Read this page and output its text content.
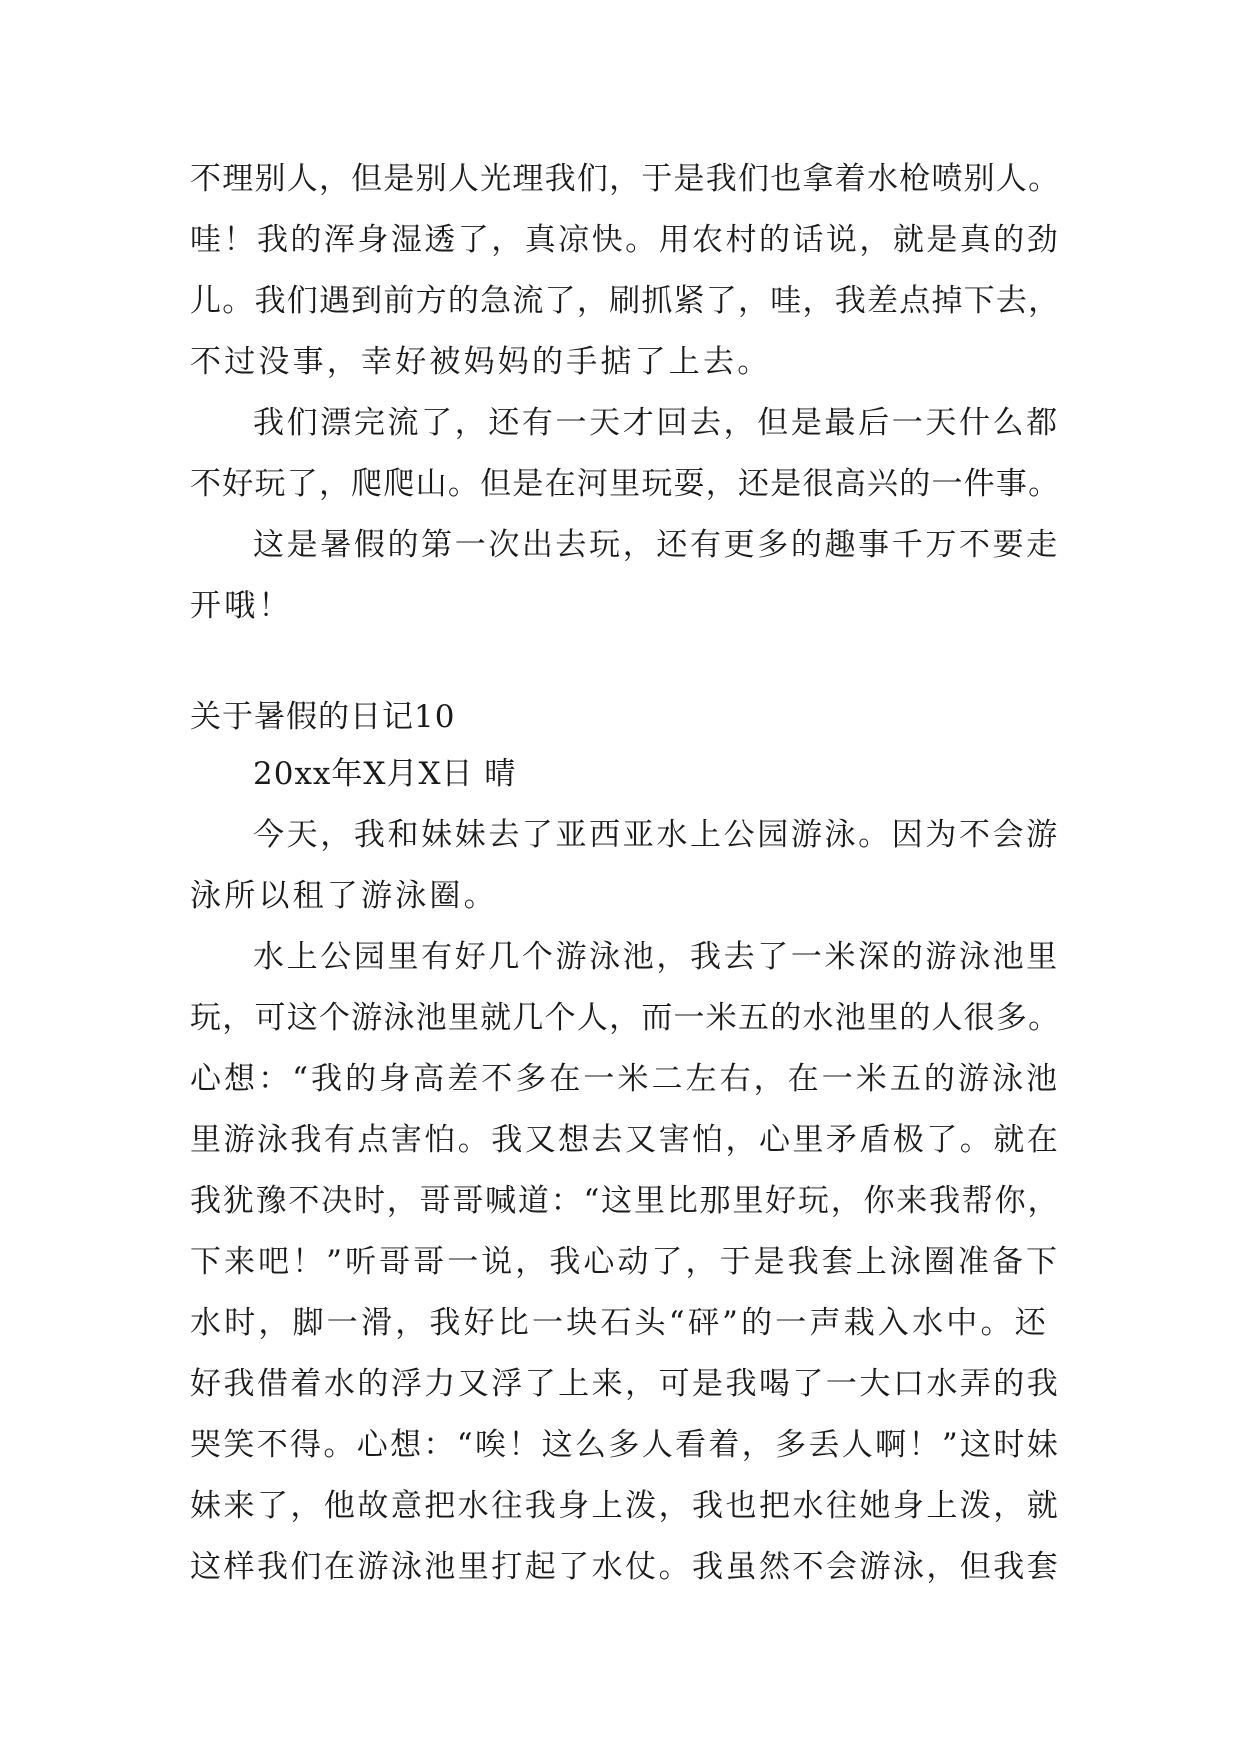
不理别人，但是别人光理我们，于是我们也拿着水枪喷别人。
哇！我的浑身湿透了，真凉快。用农村的话说，就是真的劲
儿。我们遇到前方的急流了，刷抓紧了，哇，我差点掉下去，
不过没事，幸好被妈妈的手掂了上去。
我们漂完流了，还有一天才回去，但是最后一天什么都
不好玩了，爬爬山。但是在河里玩耍，还是很高兴的一件事。
这是暑假的第一次出去玩，还有更多的趣事千万不要走
开哦！
关于暑假的日记10
20xx年X月X日 晴
今天，我和妹妹去了亚西亚水上公园游泳。因为不会游
泳所以租了游泳圈。
水上公园里有好几个游泳池，我去了一米深的游泳池里
玩，可这个游泳池里就几个人，而一米五的水池里的人很多。
心想：“我的身高差不多在一米二左右，在一米五的游泳池
里游泳我有点害怕。我又想去又害怕，心里矛盾极了。就在
我犹豫不决时，哥哥喊道：“这里比那里好玩，你来我帮你，
下来吧！”听哥哥一说，我心动了，于是我套上泳圈准备下
水时，脚一滑，我好比一块石头“砰”的一声栽入水中。还
好我借着水的浮力又浮了上来，可是我喝了一大口水弄的我
哭笑不得。心想：“唉！这么多人看着，多丢人啊！”这时妹
妹来了，他故意把水往我身上泼，我也把水往她身上泼，就
这样我们在游泳池里打起了水仗。我虽然不会游泳，但我套
